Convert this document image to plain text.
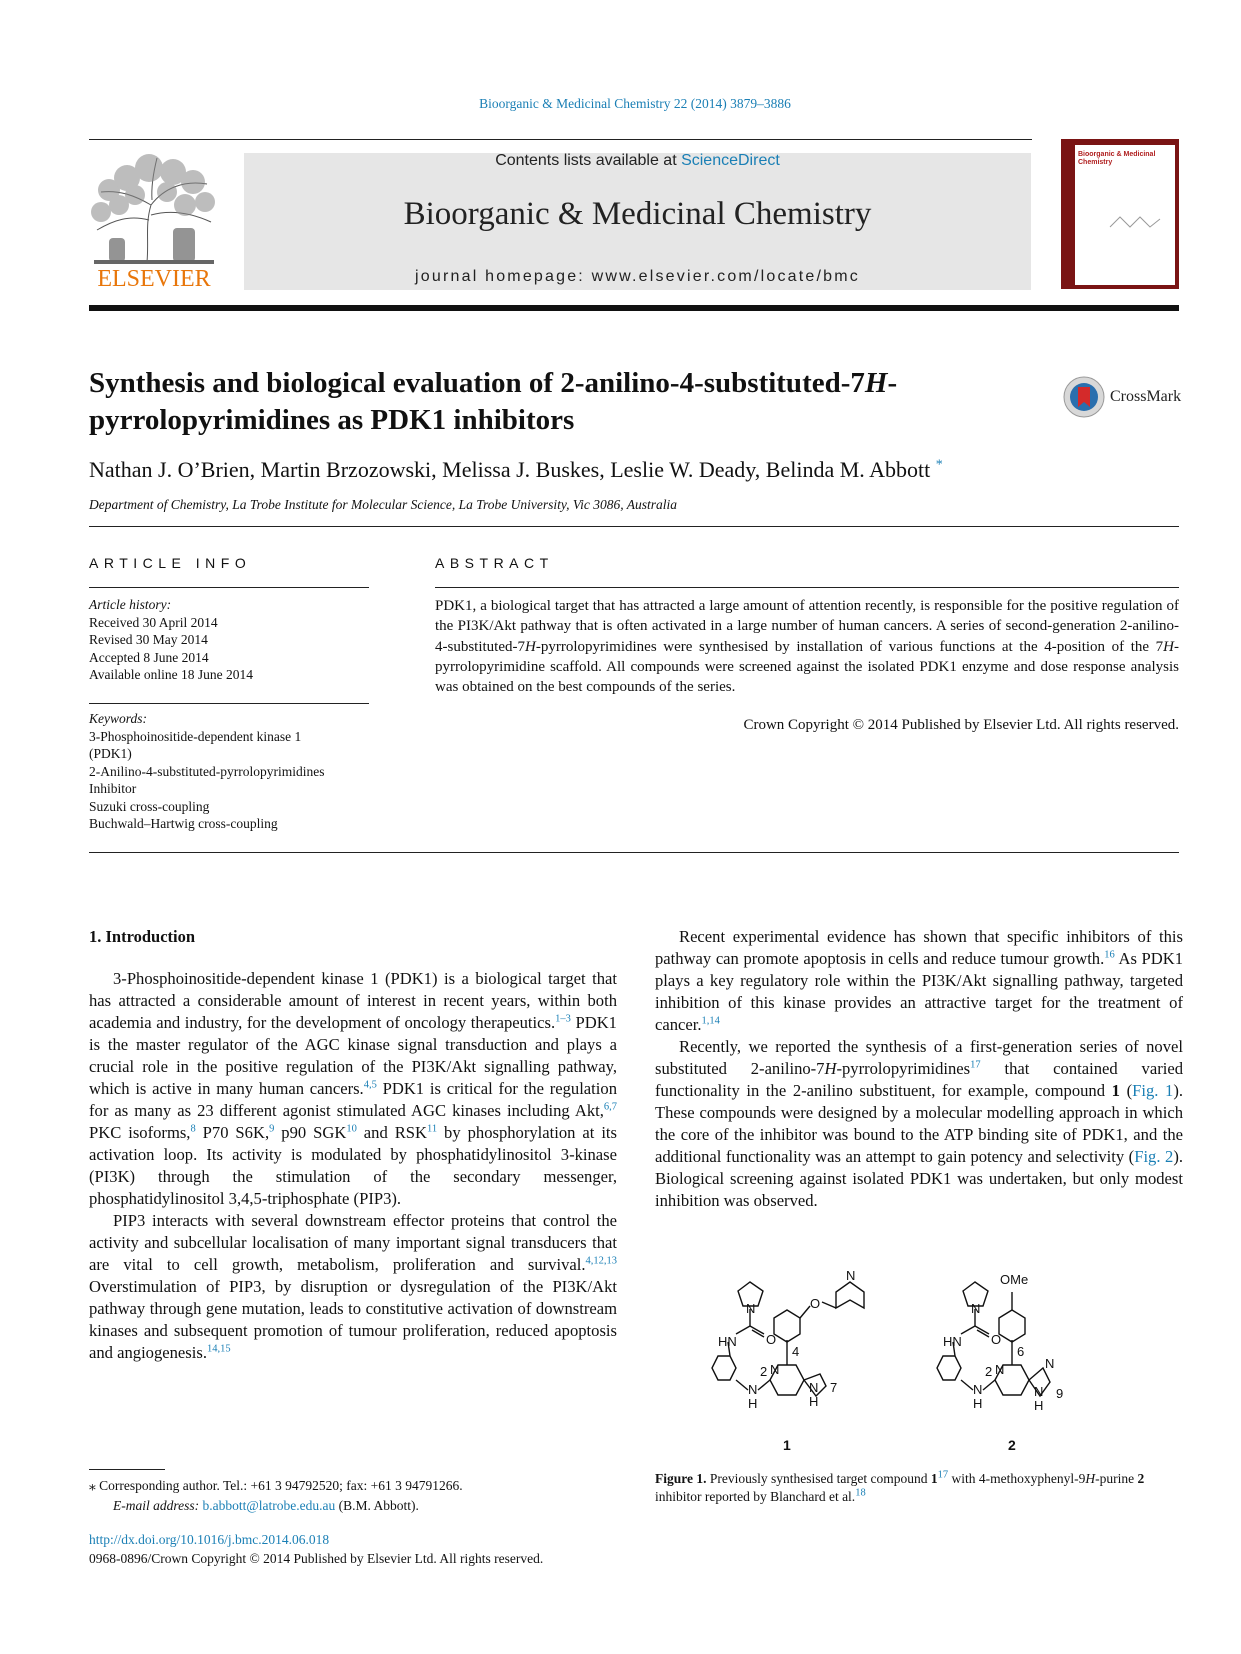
Bioorganic & Medicinal Chemistry 22 (2014) 3879–3886
ELSEVIER
Contents lists available at ScienceDirect
Bioorganic & Medicinal Chemistry
journal homepage: www.elsevier.com/locate/bmc
Bioorganic & Medicinal Chemistry
Synthesis and biological evaluation of 2-anilino-4-substituted-7H-pyrrolopyrimidines as PDK1 inhibitors
CrossMark
Nathan J. O’Brien, Martin Brzozowski, Melissa J. Buskes, Leslie W. Deady, Belinda M. Abbott *
Department of Chemistry, La Trobe Institute for Molecular Science, La Trobe University, Vic 3086, Australia
ARTICLE INFO	ABSTRACT
Article history:
Received 30 April 2014
Revised 30 May 2014
Accepted 8 June 2014
Available online 18 June 2014
Keywords:
3-Phosphoinositide-dependent kinase 1
(PDK1)
2-Anilino-4-substituted-pyrrolopyrimidines
Inhibitor
Suzuki cross-coupling
Buchwald–Hartwig cross-coupling
PDK1, a biological target that has attracted a large amount of attention recently, is responsible for the positive regulation of the PI3K/Akt pathway that is often activated in a large number of human cancers. A series of second-generation 2-anilino-4-substituted-7H-pyrrolopyrimidines were synthesised by installation of various functions at the 4-position of the 7H-pyrrolopyrimidine scaffold. All compounds were screened against the isolated PDK1 enzyme and dose response analysis was obtained on the best compounds of the series.
Crown Copyright © 2014 Published by Elsevier Ltd. All rights reserved.
1. Introduction

3-Phosphoinositide-dependent kinase 1 (PDK1) is a biological target that has attracted a considerable amount of interest in recent years, within both academia and industry, for the development of oncology therapeutics.$^{1-3}$ PDK1 is the master regulator of the AGC kinase signal transduction and plays a crucial role in the positive regulation of the PI3K/Akt signalling pathway, which is active in many human cancers.$^{4,5}$ PDK1 is critical for the regulation for as many as 23 different agonist stimulated AGC kinases including Akt,$^{6,7}$ PKC isoforms,$^8$ P70 S6K,$^9$ p90 SGK$^{10}$ and RSK$^{11}$ by phosphorylation at its activation loop. Its activity is modulated by phosphatidylinositol 3-kinase (PI3K) through the stimulation of the secondary messenger, phosphatidylinositol 3,4,5-triphosphate (PIP3).

PIP3 interacts with several downstream effector proteins that control the activity and subcellular localisation of many important signal transducers that are vital to cell growth, metabolism, proliferation and survival.$^{4,12,13}$ Overstimulation of PIP3, by disruption or dysregulation of the PI3K/Akt pathway through gene mutation, leads to constitutive activation of downstream kinases and subsequent promotion of tumour proliferation, reduced apoptosis and angiogenesis.$^{14,15}$

Recent experimental evidence has shown that specific inhibitors of this pathway can promote apoptosis in cells and reduce tumour growth.$^{16}$ As PDK1 plays a key regulatory role within the PI3K/Akt signalling pathway, targeted inhibition of this kinase provides an attractive target for the treatment of cancer.$^{1,14}$

Recently, we reported the synthesis of a first-generation series of novel substituted 2-anilino-7H-pyrrolopyrimidines$^{17}$ that contained varied functionality in the 2-anilino substituent, for example, compound 1 (Fig. 1). These compounds were designed by a molecular modelling approach in which the core of the inhibitor was bound to the ATP binding site of PDK1, and the additional functionality was an attempt to gain potency and selectivity (Fig. 2). Biological screening against isolated PDK1 was undertaken, but only modest inhibition was observed.

HN O
N	O
N
N
N
H
N
H
2
4
7
HN O
N
OMe
N
N
H
N
N
H
2
6
9
1	2
Figure 1. Previously synthesised target compound 1$^{17}$ with 4-methoxyphenyl-9H-purine 2 inhibitor reported by Blanchard et al.$^{18}$
⁎ Corresponding author. Tel.: +61 3 94792520; fax: +61 3 94791266.
E-mail address: b.abbott@latrobe.edu.au (B.M. Abbott).
http://dx.doi.org/10.1016/j.bmc.2014.06.018
0968-0896/Crown Copyright © 2014 Published by Elsevier Ltd. All rights reserved.
